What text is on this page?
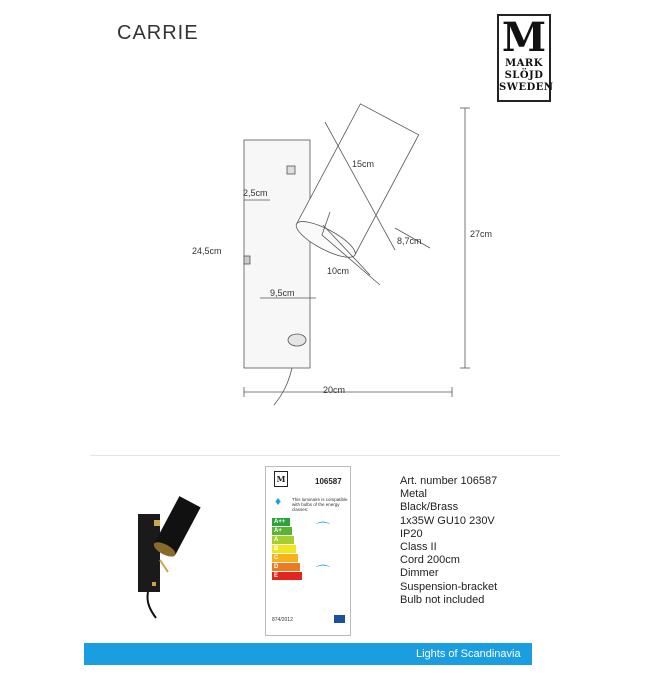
CARRIE	M
MARK
SLÖJD
SWEDEN
27cm
24,5cm
20cm
15cm
8,7cm
10cm
2,5cm
9,5cm
M	106587
♦ This luminaire is compatible with bulbs of the energy classes:
A++
A+
A
B
C
D
E
⌒
⌒
874/2012
Art. number 106587
Metal
Black/Brass
1x35W GU10 230V
IP20
Class II
Cord 200cm
Dimmer
Suspension-bracket
Bulb not included
Lights of Scandinavia
